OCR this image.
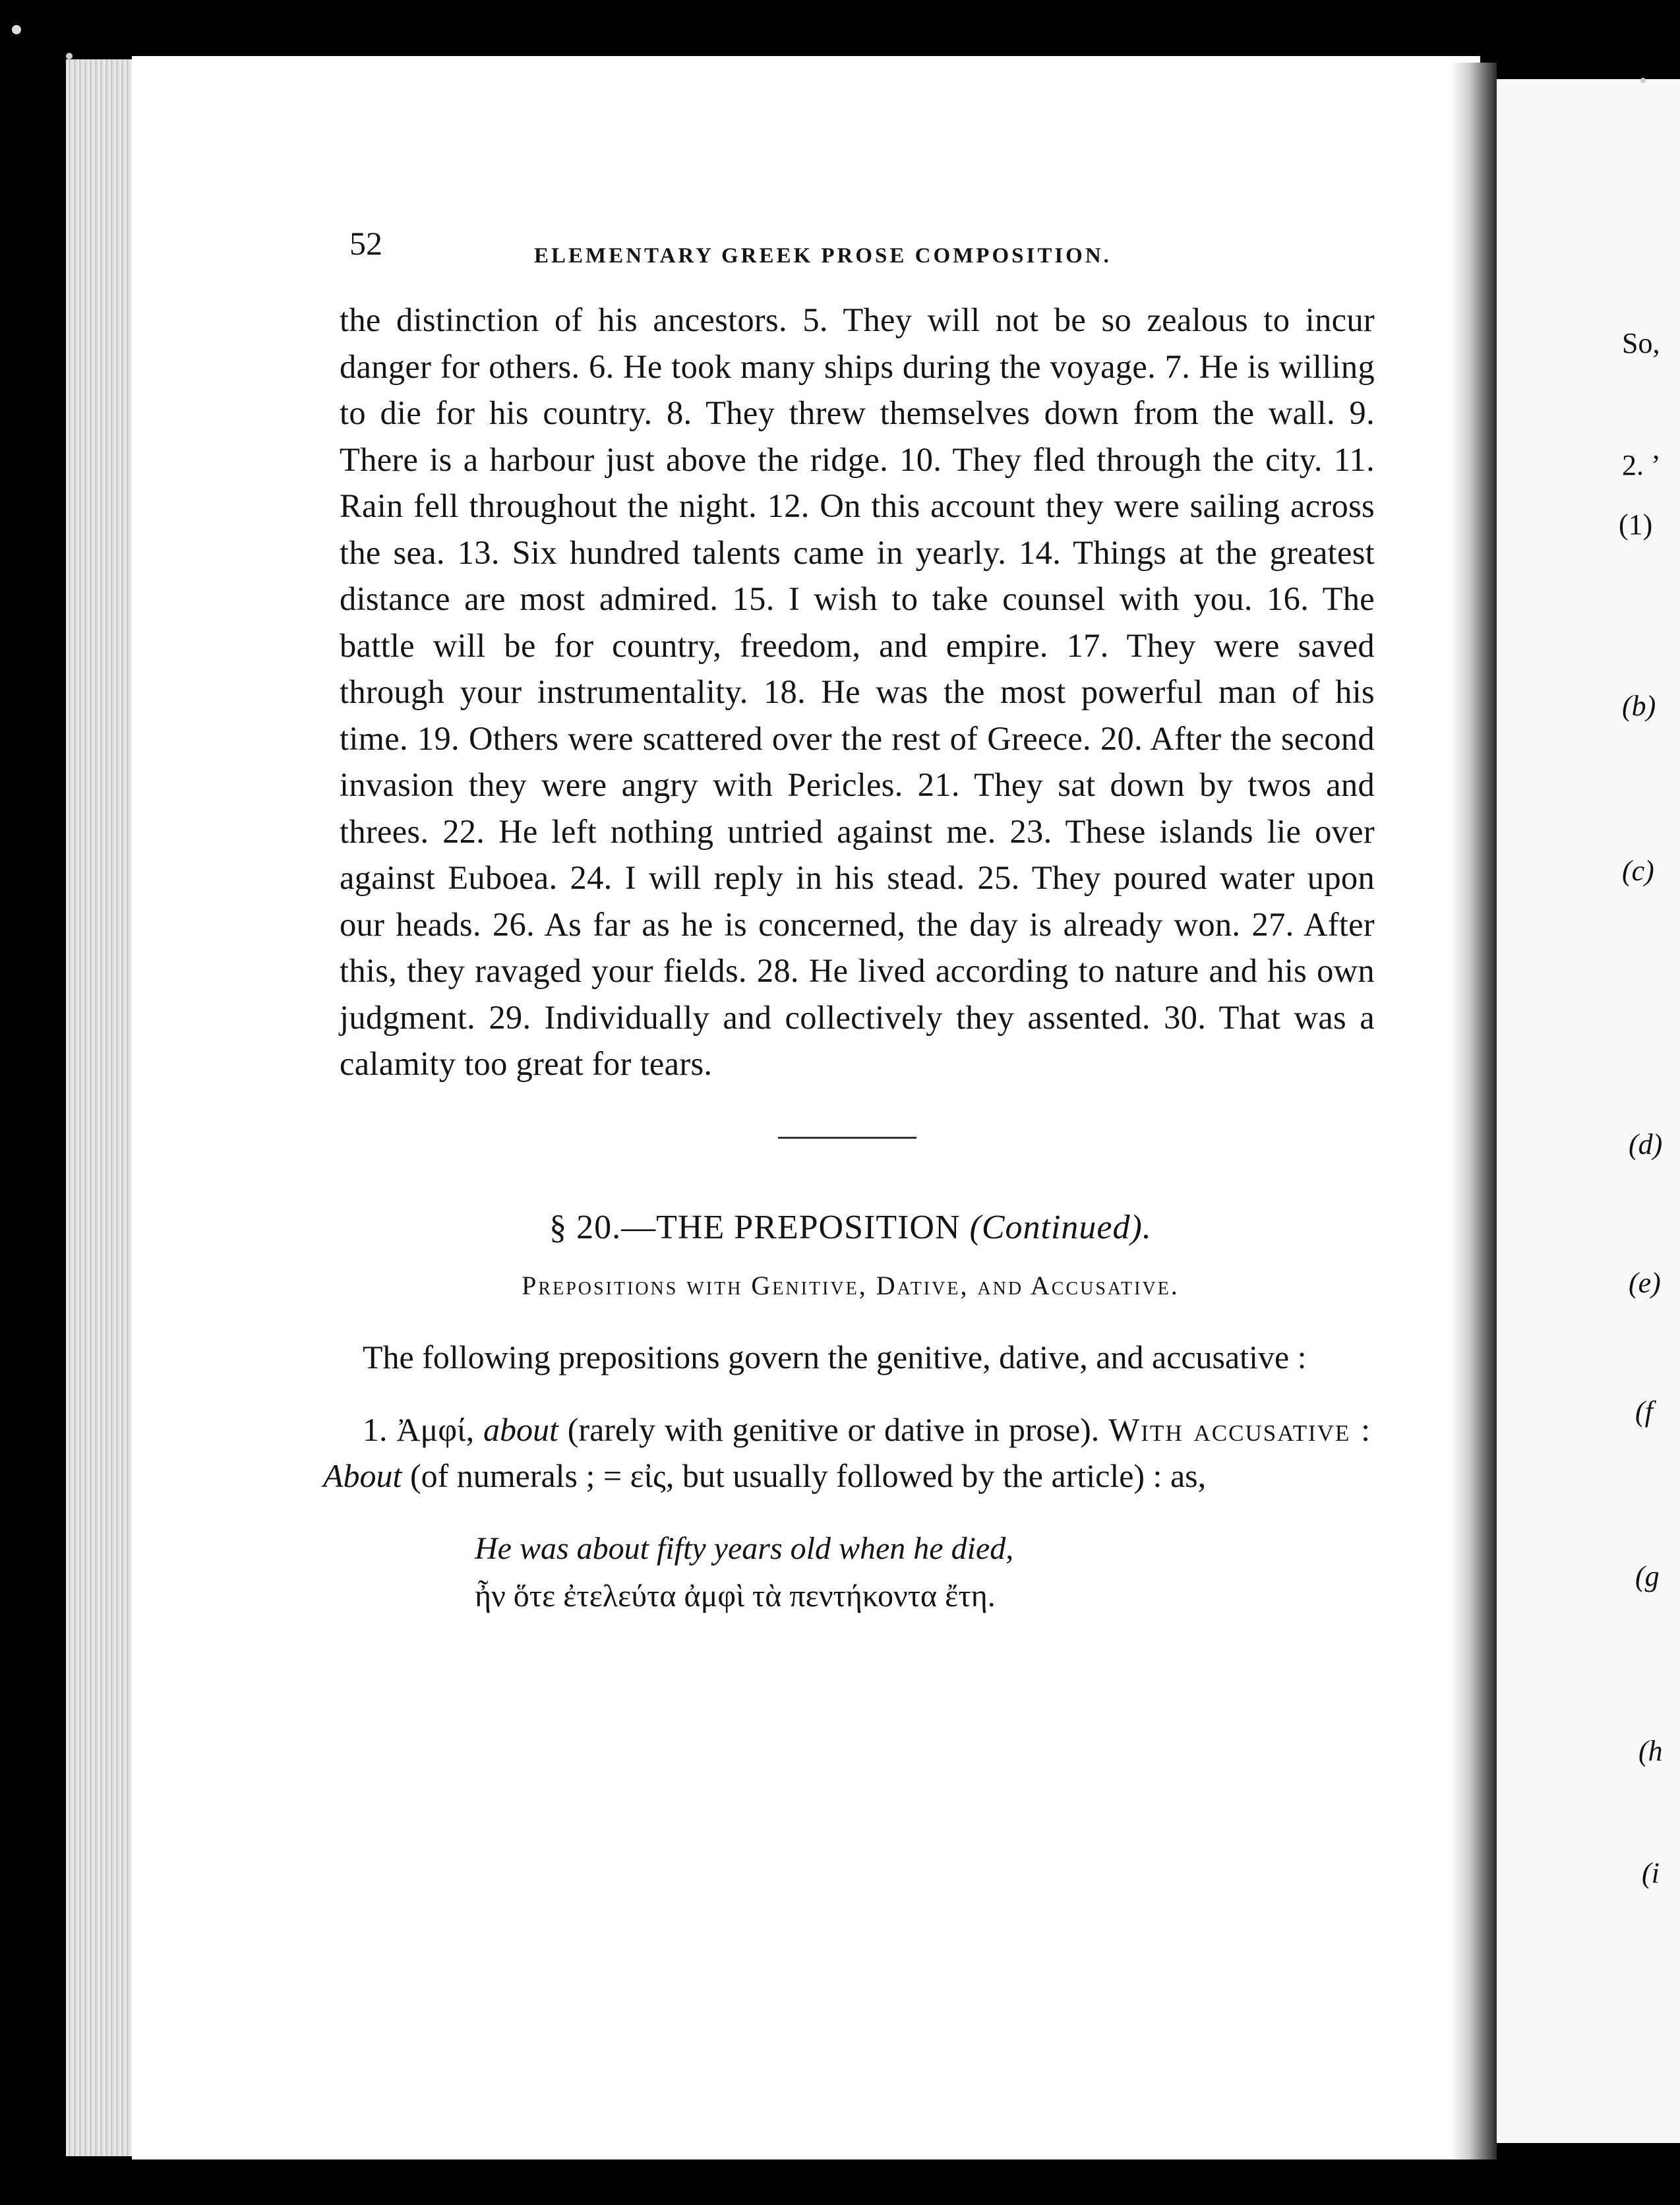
So,
2. ’
(1)
(b)
(c)
(d)
(e)
(f
(g
(h
(i
52	ELEMENTARY GREEK PROSE COMPOSITION.

the distinction of his ancestors. 5. They will not be so zealous to incur danger for others. 6. He took many ships during the voyage. 7. He is willing to die for his country. 8. They threw themselves down from the wall. 9. There is a harbour just above the ridge. 10. They fled through the city. 11. Rain fell throughout the night. 12. On this account they were sailing across the sea. 13. Six hundred talents came in yearly. 14. Things at the greatest distance are most admired. 15. I wish to take counsel with you. 16. The battle will be for country, freedom, and empire. 17. They were saved through your instrumentality. 18. He was the most powerful man of his time. 19. Others were scattered over the rest of Greece. 20. After the second invasion they were angry with Pericles. 21. They sat down by twos and threes. 22. He left nothing untried against me. 23. These islands lie over against Euboea. 24. I will reply in his stead. 25. They poured water upon our heads. 26. As far as he is concerned, the day is already won. 27. After this, they ravaged your fields. 28. He lived according to nature and his own judgment. 29. Individually and collectively they assented. 30. That was a calamity too great for tears.

§ 20.—THE PREPOSITION (Continued).
Prepositions with Genitive, Dative, and Accusative.

The following prepositions govern the genitive, dative, and accusative :

1. Ἀμφί, about (rarely with genitive or dative in prose). With accusative : About (of numerals ; = εἰς, but usually followed by the article) : as,

He was about fifty years old when he died,
ἦν ὅτε ἐτελεύτα ἀμφὶ τὰ πεντήκοντα ἔτη.
